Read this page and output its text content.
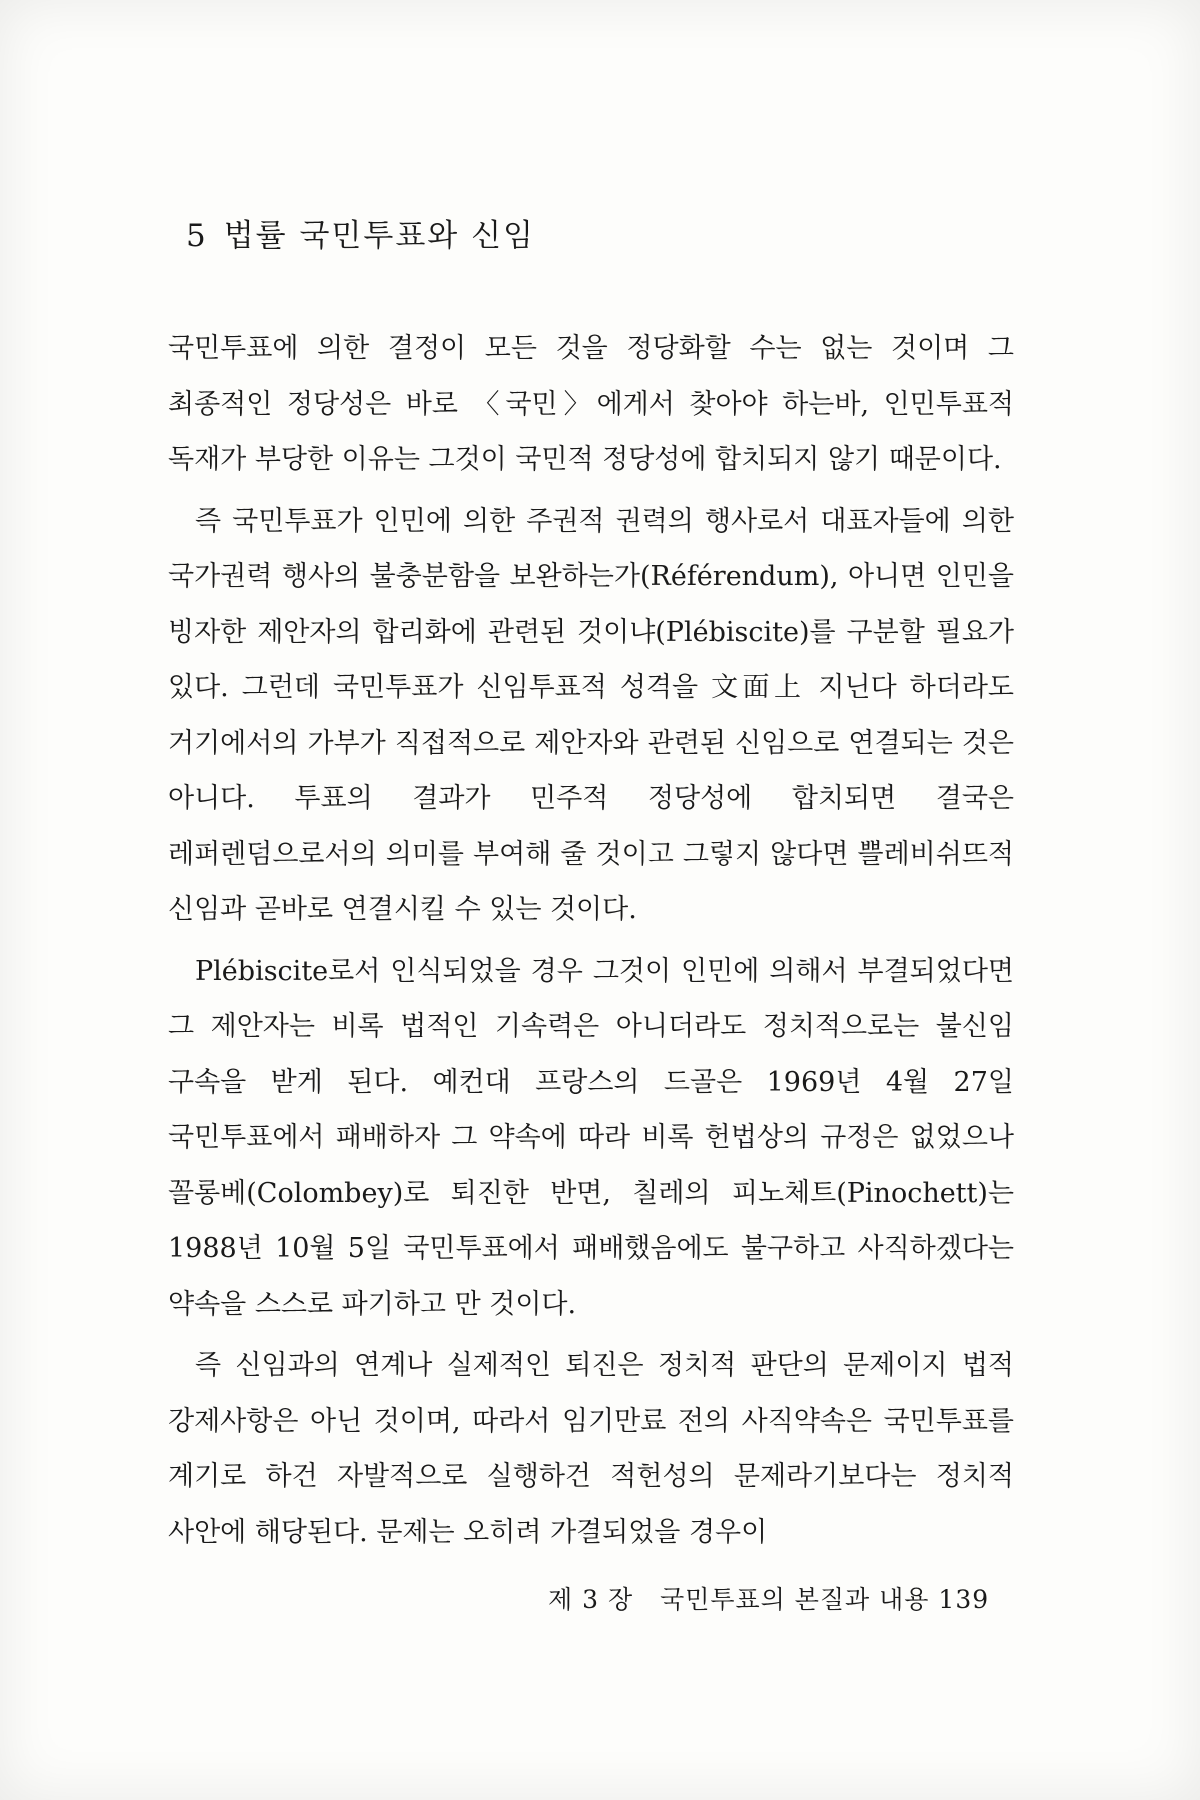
5 법률 국민투표와 신임

국민투표에 의한 결정이 모든 것을 정당화할 수는 없는 것이며 그 최종적인 정당성은 바로 〈국민〉에게서 찾아야 하는바, 인민투표적 독재가 부당한 이유는 그것이 국민적 정당성에 합치되지 않기 때문이다.

즉 국민투표가 인민에 의한 주권적 권력의 행사로서 대표자들에 의한 국가권력 행사의 불충분함을 보완하는가(Référendum), 아니면 인민을 빙자한 제안자의 합리화에 관련된 것이냐(Plébiscite)를 구분할 필요가 있다. 그런데 국민투표가 신임투표적 성격을 文面上 지닌다 하더라도 거기에서의 가부가 직접적으로 제안자와 관련된 신임으로 연결되는 것은 아니다. 투표의 결과가 민주적 정당성에 합치되면 결국은 레퍼렌덤으로서의 의미를 부여해 줄 것이고 그렇지 않다면 쁠레비쉬뜨적 신임과 곧바로 연결시킬 수 있는 것이다.

Plébiscite로서 인식되었을 경우 그것이 인민에 의해서 부결되었다면 그 제안자는 비록 법적인 기속력은 아니더라도 정치적으로는 불신임 구속을 받게 된다. 예컨대 프랑스의 드골은 1969년 4월 27일 국민투표에서 패배하자 그 약속에 따라 비록 헌법상의 규정은 없었으나 꼴롱베(Colombey)로 퇴진한 반면, 칠레의 피노체트(Pinochett)는 1988년 10월 5일 국민투표에서 패배했음에도 불구하고 사직하겠다는 약속을 스스로 파기하고 만 것이다.

즉 신임과의 연계나 실제적인 퇴진은 정치적 판단의 문제이지 법적 강제사항은 아닌 것이며, 따라서 임기만료 전의 사직약속은 국민투표를 계기로 하건 자발적으로 실행하건 적헌성의 문제라기보다는 정치적 사안에 해당된다. 문제는 오히려 가결되었을 경우이

제 3 장 국민투표의 본질과 내용 139
